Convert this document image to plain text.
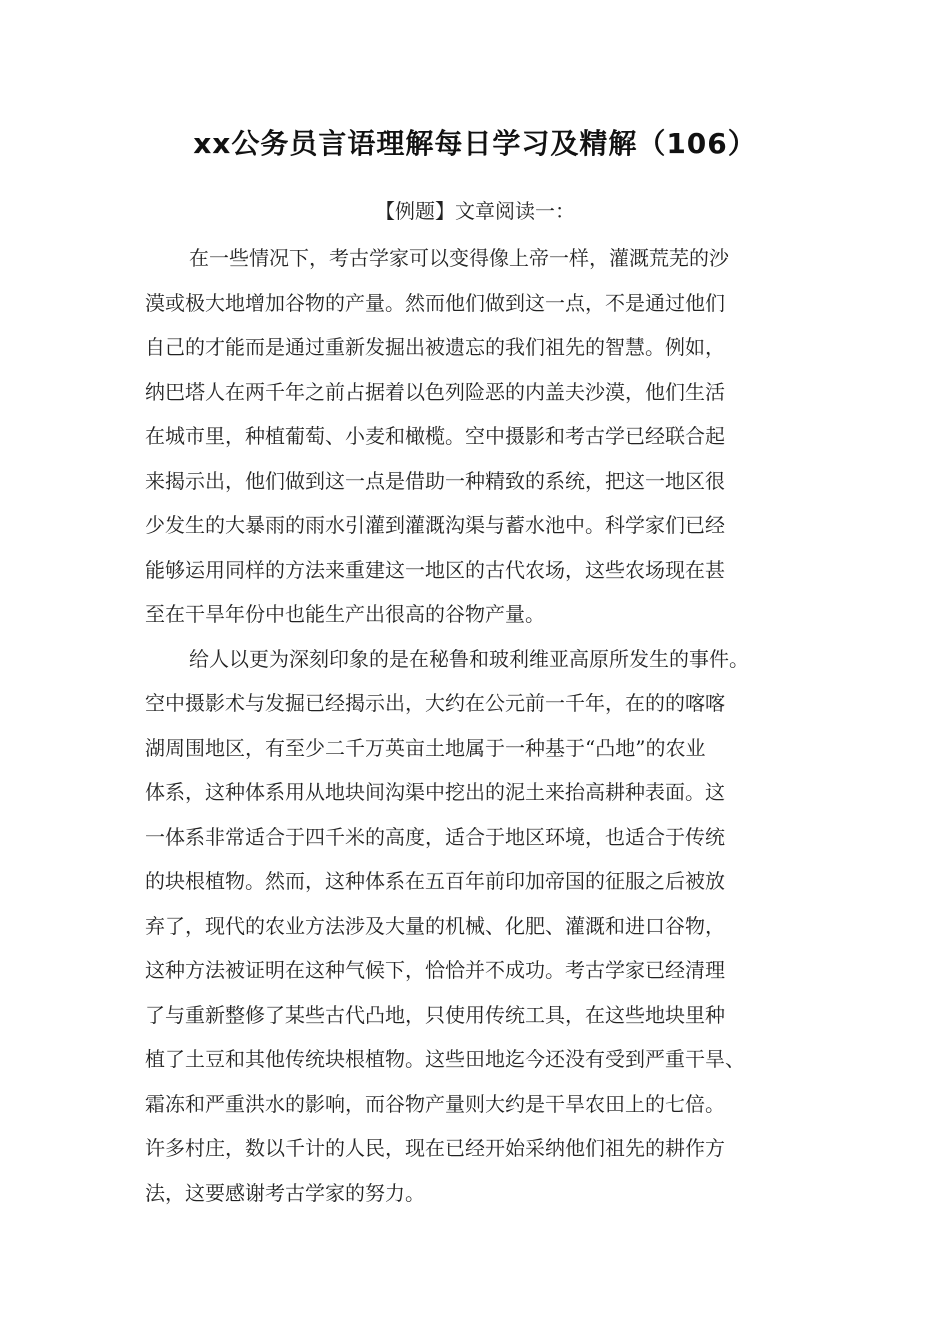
xx公务员言语理解每日学习及精解（106）
【例题】文章阅读一：
在一些情况下，考古学家可以变得像上帝一样，灌溉荒芜的沙
漠或极大地增加谷物的产量。然而他们做到这一点，不是通过他们
自己的才能而是通过重新发掘出被遗忘的我们祖先的智慧。例如，
纳巴塔人在两千年之前占据着以色列险恶的内盖夫沙漠，他们生活
在城市里，种植葡萄、小麦和橄榄。空中摄影和考古学已经联合起
来揭示出，他们做到这一点是借助一种精致的系统，把这一地区很
少发生的大暴雨的雨水引灌到灌溉沟渠与蓄水池中。科学家们已经
能够运用同样的方法来重建这一地区的古代农场，这些农场现在甚
至在干旱年份中也能生产出很高的谷物产量。
给人以更为深刻印象的是在秘鲁和玻利维亚高原所发生的事件。
空中摄影术与发掘已经揭示出，大约在公元前一千年，在的的喀喀
湖周围地区，有至少二千万英亩土地属于一种基于“凸地”的农业
体系，这种体系用从地块间沟渠中挖出的泥土来抬高耕种表面。这
一体系非常适合于四千米的高度，适合于地区环境，也适合于传统
的块根植物。然而，这种体系在五百年前印加帝国的征服之后被放
弃了，现代的农业方法涉及大量的机械、化肥、灌溉和进口谷物，
这种方法被证明在这种气候下，恰恰并不成功。考古学家已经清理
了与重新整修了某些古代凸地，只使用传统工具，在这些地块里种
植了土豆和其他传统块根植物。这些田地迄今还没有受到严重干旱、
霜冻和严重洪水的影响，而谷物产量则大约是干旱农田上的七倍。
许多村庄，数以千计的人民，现在已经开始采纳他们祖先的耕作方
法，这要感谢考古学家的努力。
